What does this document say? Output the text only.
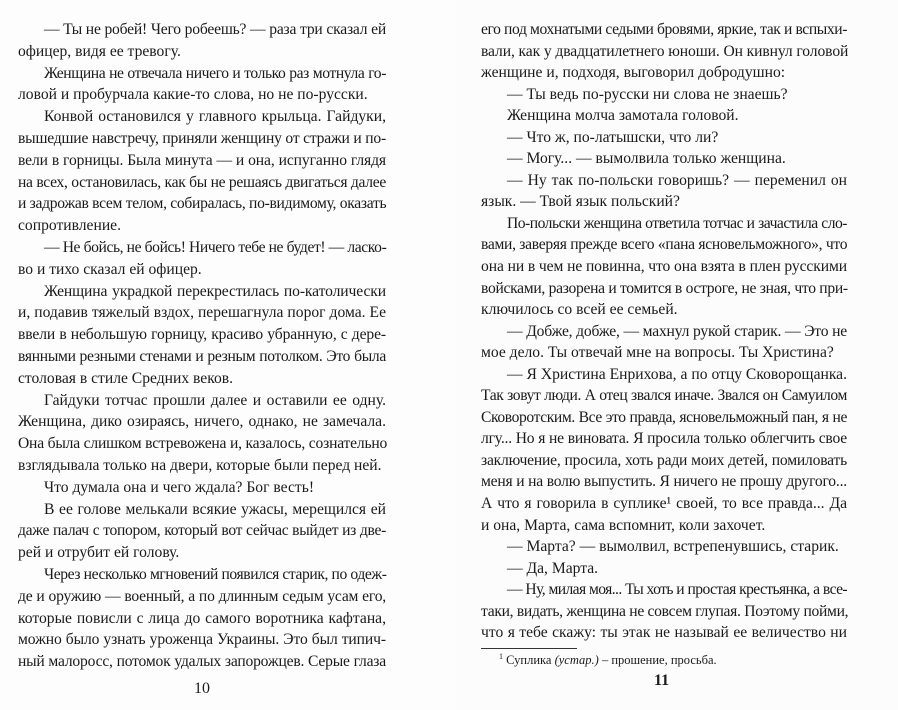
— Ты не робей! Чего робеешь? — раза три сказал ей
офицер, видя ее тревогу.
Женщина не отвечала ничего и только раз мотнула го-
ловой и пробурчала какие-то слова, но не по-русски.
Конвой остановился у главного крыльца. Гайдуки,
вышедшие навстречу, приняли женщину от стражи и по-
вели в горницы. Была минута — и она, испуганно глядя
на всех, остановилась, как бы не решаясь двигаться далее
и задрожав всем телом, собиралась, по-видимому, оказать
сопротивление.
— Не бойсь, не бойсь! Ничего тебе не будет! — ласко-
во и тихо сказал ей офицер.
Женщина украдкой перекрестилась по-католически
и, подавив тяжелый вздох, перешагнула порог дома. Ее
ввели в небольшую горницу, красиво убранную, с дере-
вянными резными стенами и резным потолком. Это была
столовая в стиле Средних веков.
Гайдуки тотчас прошли далее и оставили ее одну.
Женщина, дико озираясь, ничего, однако, не замечала.
Она была слишком встревожена и, казалось, сознательно
взглядывала только на двери, которые были перед ней.
Что думала она и чего ждала? Бог весть!
В ее голове мелькали всякие ужасы, мерещился ей
даже палач с топором, который вот сейчас выйдет из две-
рей и отрубит ей голову.
Через несколько мгновений появился старик, по одеж-
де и оружию — военный, а по длинным седым усам его,
которые повисли с лица до самого воротника кафтана,
можно было узнать уроженца Украины. Это был типич-
ный малоросс, потомок удалых запорожцев. Серые глаза
10
его под мохнатыми седыми бровями, яркие, так и вспыхи-
вали, как у двадцатилетнего юноши. Он кивнул головой
женщине и, подходя, выговорил добродушно:
— Ты ведь по-русски ни слова не знаешь?
Женщина молча замотала головой.
— Что ж, по-латышски, что ли?
— Могу... — вымолвила только женщина.
— Ну так по-польски говоришь? — переменил он
язык. — Твой язык польский?
По-польски женщина ответила тотчас и зачастила сло-
вами, заверяя прежде всего «пана ясновельможного», что
она ни в чем не повинна, что она взята в плен русскими
войсками, разорена и томится в остроге, не зная, что при-
ключилось со всей ее семьей.
— Добже, добже, — махнул рукой старик. — Это не
мое дело. Ты отвечай мне на вопросы. Ты Христина?
— Я Христина Енрихова, а по отцу Сковорощанка.
Так зовут люди. А отец звался иначе. Звался он Самуилом
Сковоротским. Все это правда, ясновельможный пан, я не
лгу... Но я не виновата. Я просила только облегчить свое
заключение, просила, хоть ради моих детей, помиловать
меня и на волю выпустить. Я ничего не прошу другого...
А что я говорила в суплике¹ своей, то все правда... Да
и она, Марта, сама вспомнит, коли захочет.
— Марта? — вымолвил, встрепенувшись, старик.
— Да, Марта.
— Ну, милая моя... Ты хоть и простая крестьянка, а все-
таки, видать, женщина не совсем глупая. Поэтому пойми,
что я тебе скажу: ты этак не называй ее величество ни
$^1$ Суплика (устар.) – прошение, просьба.
11
